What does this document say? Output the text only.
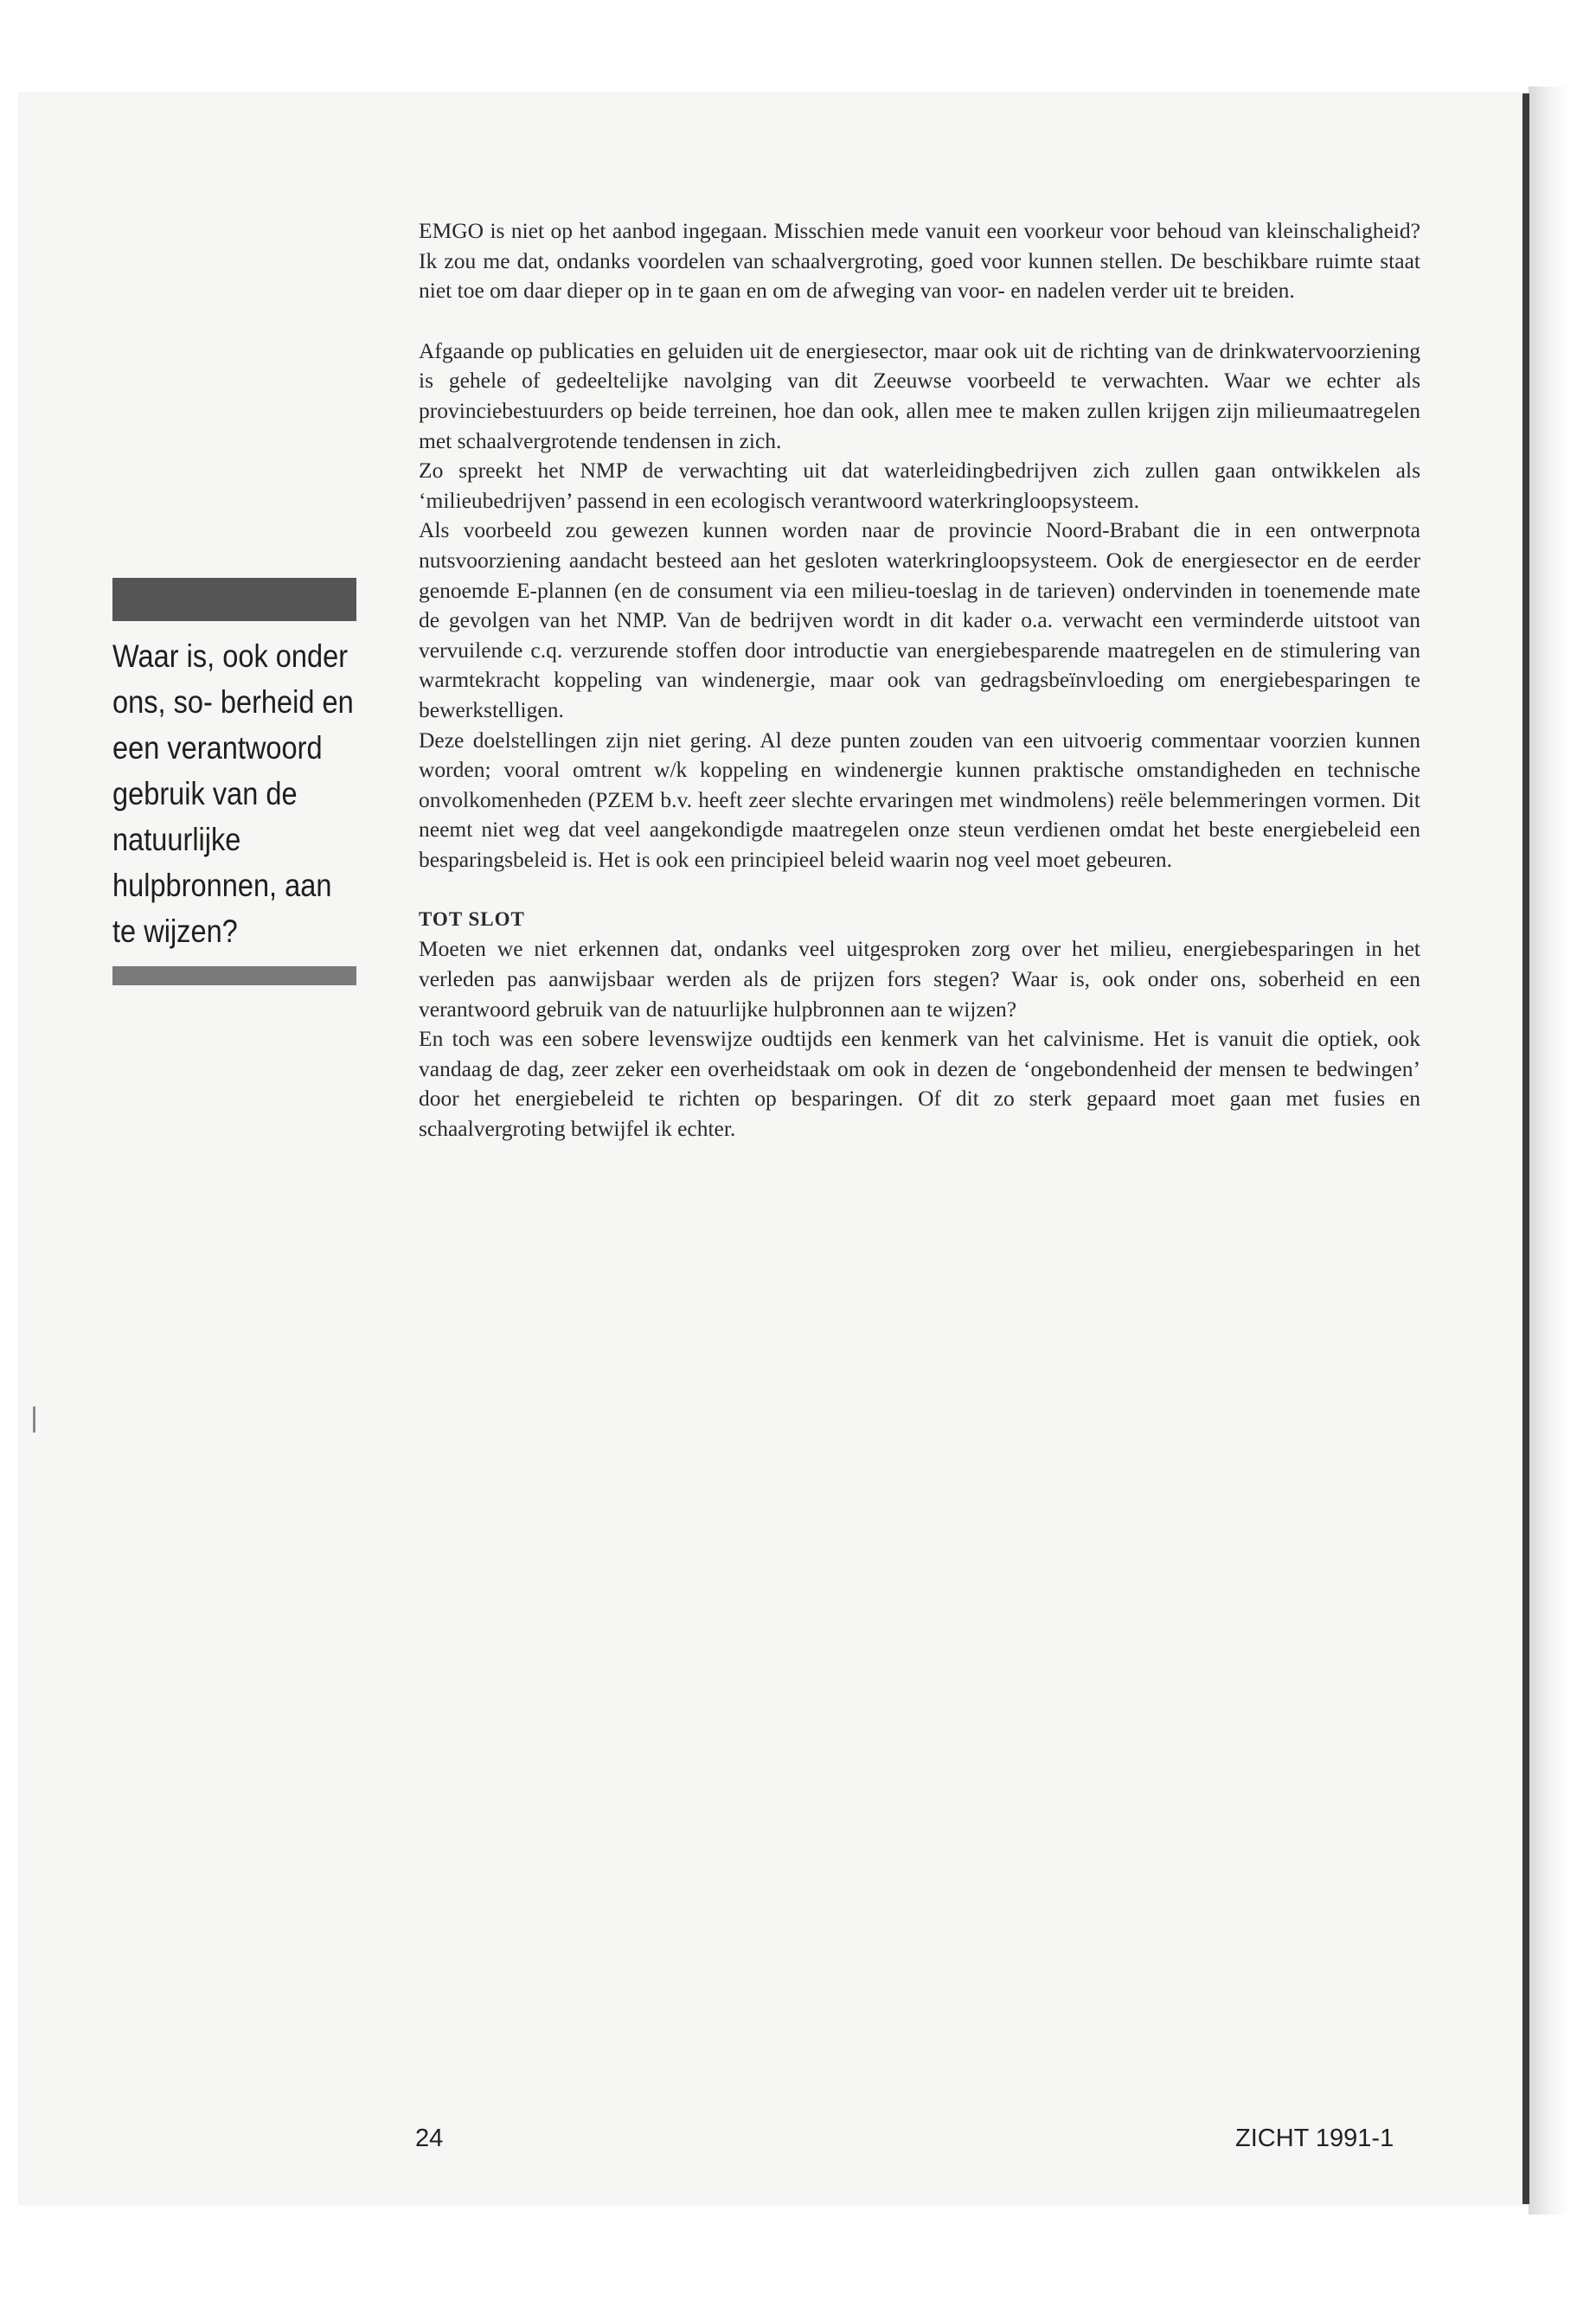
Waar is, ook onder ons, so- berheid en een verantwoord gebruik van de natuurlijke hulpbronnen, aan te wijzen?

EMGO is niet op het aanbod ingegaan. Misschien mede vanuit een voorkeur voor behoud van kleinschaligheid? Ik zou me dat, ondanks voordelen van schaalvergroting, goed voor kunnen stellen. De beschikbare ruimte staat niet toe om daar dieper op in te gaan en om de afweging van voor- en nadelen verder uit te breiden.

Afgaande op publicaties en geluiden uit de energiesector, maar ook uit de richting van de drinkwatervoorziening is gehele of gedeeltelijke navolging van dit Zeeuwse voorbeeld te verwachten. Waar we echter als provinciebestuurders op beide terreinen, hoe dan ook, allen mee te maken zullen krijgen zijn milieumaatregelen met schaalvergrotende tendensen in zich.

Zo spreekt het NMP de verwachting uit dat waterleidingbedrijven zich zullen gaan ontwikkelen als ‘milieubedrijven’ passend in een ecologisch verantwoord waterkringloopsysteem.

Als voorbeeld zou gewezen kunnen worden naar de provincie Noord-Brabant die in een ontwerpnota nutsvoorziening aandacht besteed aan het gesloten waterkringloopsysteem. Ook de energiesector en de eerder genoemde E-plannen (en de consument via een milieu-toeslag in de tarieven) ondervinden in toenemende mate de gevolgen van het NMP. Van de bedrijven wordt in dit kader o.a. verwacht een verminderde uitstoot van vervuilende c.q. verzurende stoffen door introductie van energiebesparende maatregelen en de stimulering van warmtekracht koppeling van windenergie, maar ook van gedragsbeïnvloeding om energiebesparingen te bewerkstelligen.

Deze doelstellingen zijn niet gering. Al deze punten zouden van een uitvoerig commentaar voorzien kunnen worden; vooral omtrent w/k koppeling en windenergie kunnen praktische omstandigheden en technische onvolkomenheden (PZEM b.v. heeft zeer slechte ervaringen met windmolens) reële belemmeringen vormen. Dit neemt niet weg dat veel aangekondigde maatregelen onze steun verdienen omdat het beste energiebeleid een besparingsbeleid is. Het is ook een principieel beleid waarin nog veel moet gebeuren.

TOT SLOT

Moeten we niet erkennen dat, ondanks veel uitgesproken zorg over het milieu, energiebesparingen in het verleden pas aanwijsbaar werden als de prijzen fors stegen? Waar is, ook onder ons, soberheid en een verantwoord gebruik van de natuurlijke hulpbronnen aan te wijzen?

En toch was een sobere levenswijze oudtijds een kenmerk van het calvinisme. Het is vanuit die optiek, ook vandaag de dag, zeer zeker een overheidstaak om ook in dezen de ‘ongebondenheid der mensen te bedwingen’ door het energiebeleid te richten op besparingen. Of dit zo sterk gepaard moet gaan met fusies en schaalvergroting betwijfel ik echter.

24	ZICHT 1991-1
